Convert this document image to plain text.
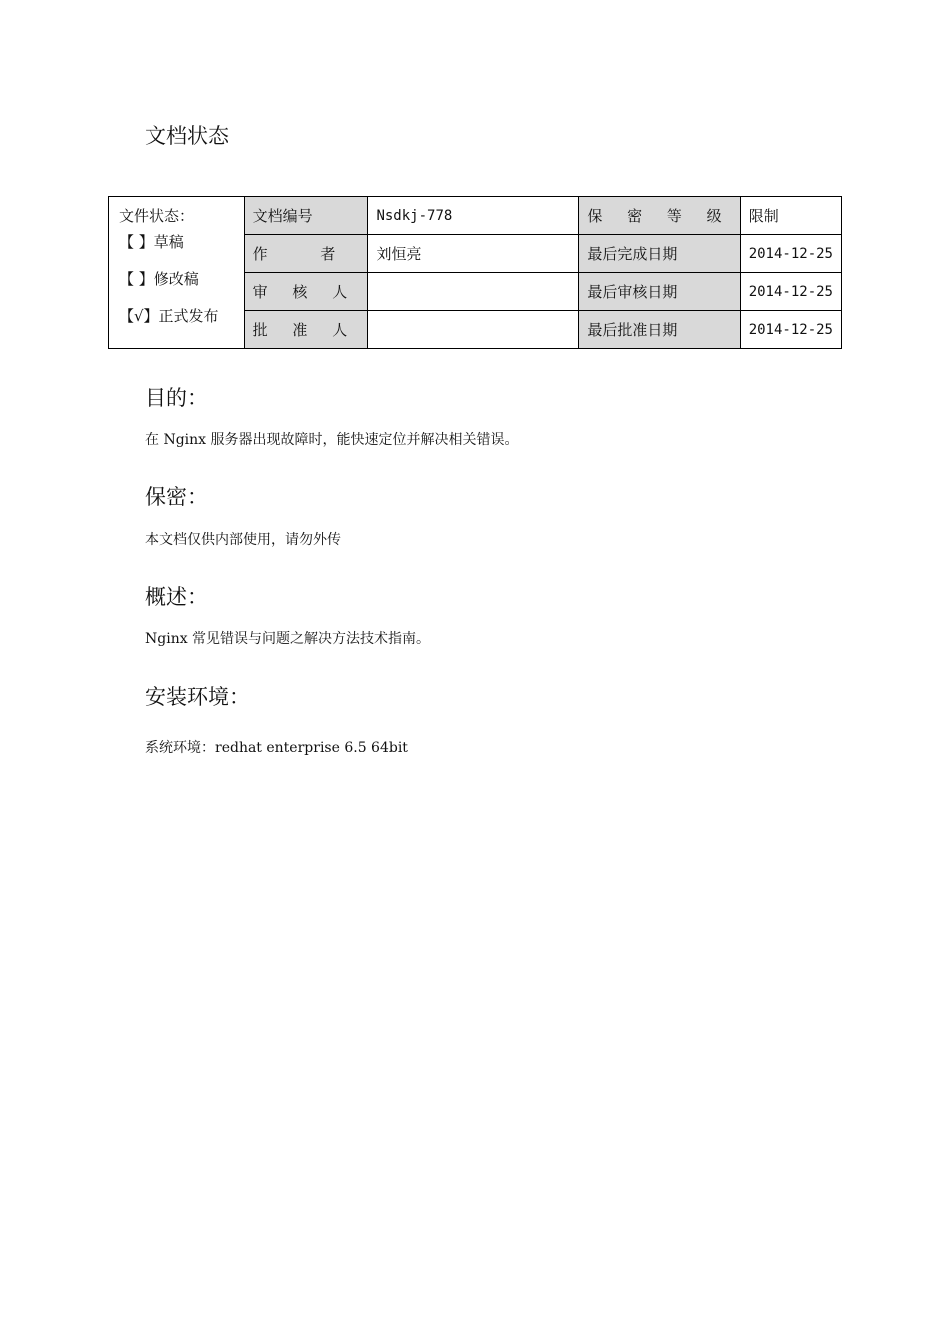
文档状态
文件状态：
【 】草稿
【 】修改稿
【√】正式发布	文档编号	Nsdkj-778	保 密 等 级	限制
	作 者	刘恒亮	最后完成日期	2014-12-25
	审 核 人		最后审核日期	2014-12-25
	批 准 人		最后批准日期	2014-12-25
目的：
在 Nginx 服务器出现故障时，能快速定位并解决相关错误。
保密：
本文档仅供内部使用，请勿外传
概述：
Nginx 常见错误与问题之解决方法技术指南。
安装环境：
系统环境：redhat enterprise 6.5 64bit
